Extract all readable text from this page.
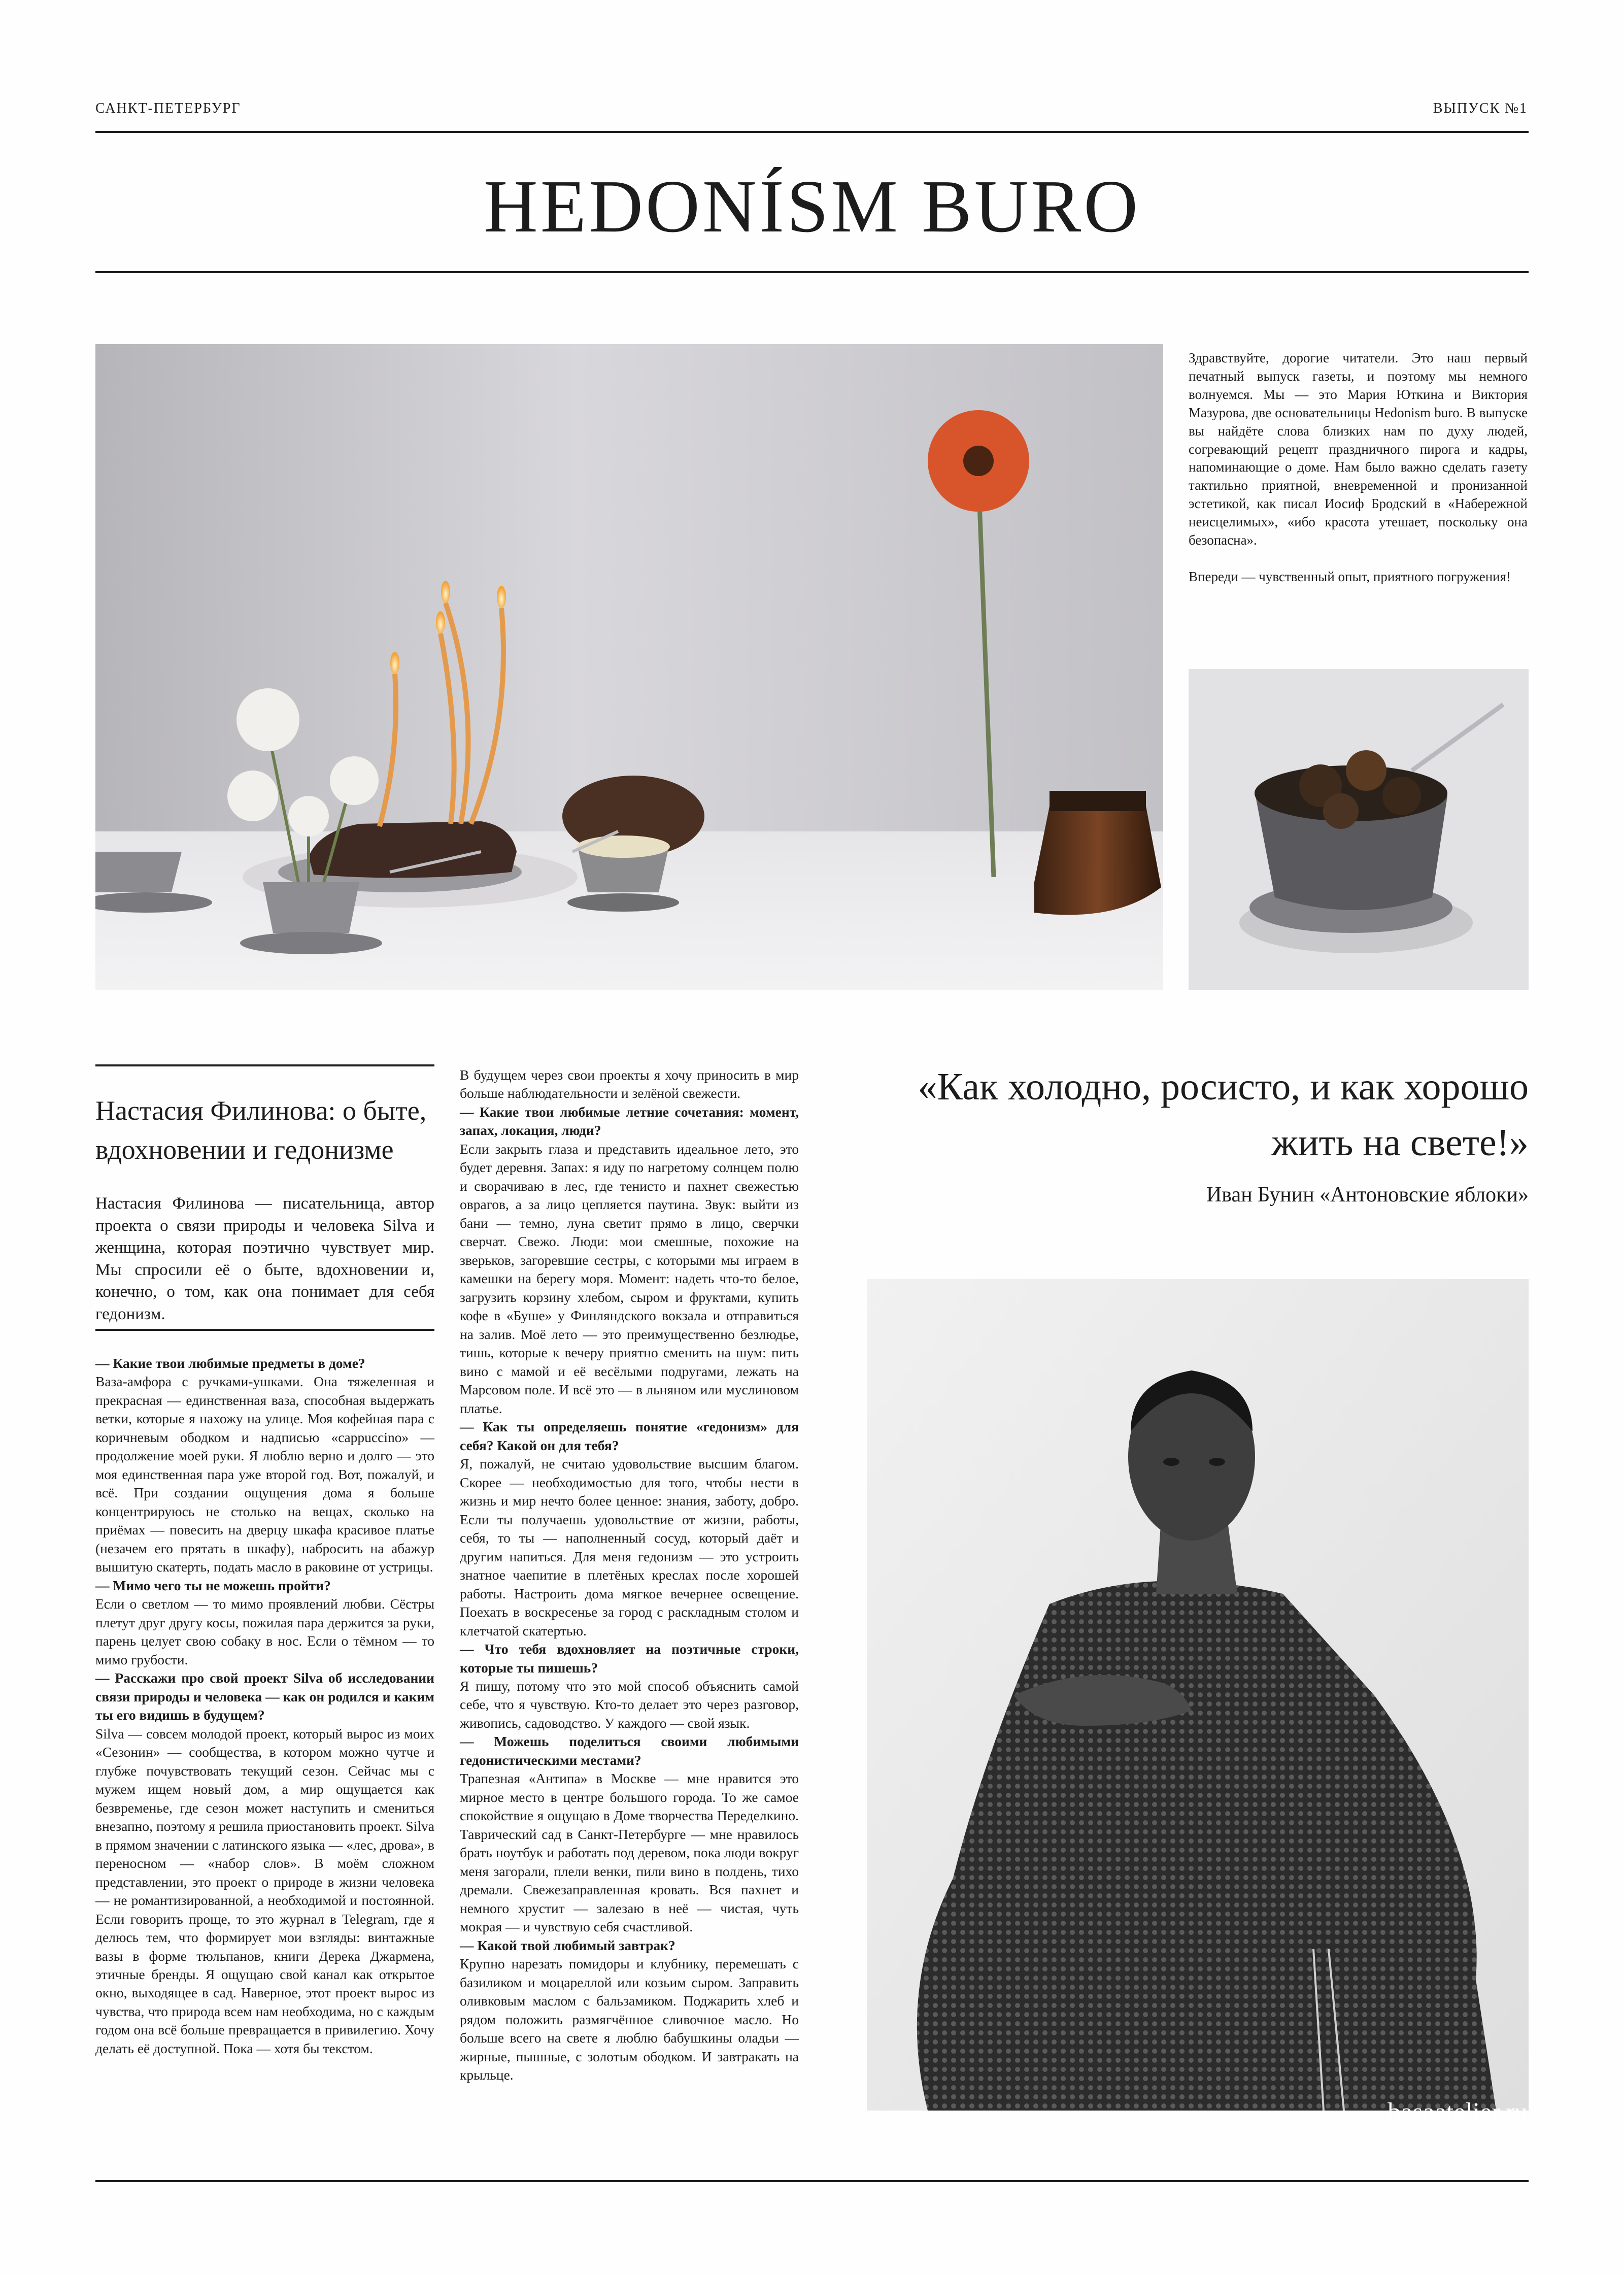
САНКТ-ПЕТЕРБУРГ	ВЫПУСК №1
HEDONÍSM BURO

Здравствуйте, дорогие читатели. Это наш первый печатный выпуск газеты, и поэтому мы немного волнуемся. Мы — это Мария Юткина и Виктория Мазурова, две основательницы Hedonism buro. В выпуске вы найдёте слова близких нам по духу людей, согревающий рецепт праздничного пирога и кадры, напоминающие о доме. Нам было важно сделать газету тактильно приятной, вневременной и пронизанной эстетикой, как писал Иосиф Бродский в «Набережной неисцелимых», «ибо красота утешает, поскольку она безопасна».

Впереди — чувственный опыт, приятного погружения!

Настасия Филинова: о быте, вдохновении и гедонизме
Настасия Филинова — писательница, автор проекта о связи природы и человека Silva и женщина, которая поэтично чувствует мир. Мы спросили её о быте, вдохновении и, конечно, о том, как она понимает для себя гедонизм.

— Какие твои любимые предметы в доме?

Ваза-амфора с ручками-ушками. Она тяжеленная и прекрасная — единственная ваза, способная выдержать ветки, которые я нахожу на улице. Моя кофейная пара с коричневым ободком и надписью «cappuccino» — продолжение моей руки. Я люблю верно и долго — это моя единственная пара уже второй год. Вот, пожалуй, и всё. При создании ощущения дома я больше концентрируюсь не столько на вещах, сколько на приёмах — повесить на дверцу шкафа красивое платье (незачем его прятать в шкафу), набросить на абажур вышитую скатерть, подать масло в раковине от устрицы.

— Мимо чего ты не можешь пройти?

Если о светлом — то мимо проявлений любви. Сёстры плетут друг другу косы, пожилая пара держится за руки, парень целует свою собаку в нос. Если о тёмном — то мимо грубости.

— Расскажи про свой проект Silva об исследовании связи природы и человека — как он родился и каким ты его видишь в будущем?

Silva — совсем молодой проект, который вырос из моих «Сезонин» — сообщества, в котором можно чутче и глубже почувствовать текущий сезон. Сейчас мы с мужем ищем новый дом, а мир ощущается как безвременье, где сезон может наступить и смениться внезапно, поэтому я решила приостановить проект. Silva в прямом значении с латинского языка — «лес, дрова», в переносном — «набор слов». В моём сложном представлении, это проект о природе в жизни человека — не романтизированной, а необходимой и постоянной. Если говорить проще, то это журнал в Telegram, где я делюсь тем, что формирует мои взгляды: винтажные вазы в форме тюльпанов, книги Дерека Джармена, этичные бренды. Я ощущаю свой канал как открытое окно, выходящее в сад. Наверное, этот проект вырос из чувства, что природа всем нам необходима, но с каждым годом она всё больше превращается в привилегию. Хочу делать её доступной. Пока — хотя бы текстом.

В будущем через свои проекты я хочу приносить в мир больше наблюдательности и зелёной свежести.

— Какие твои любимые летние сочетания: момент, запах, локация, люди?

Если закрыть глаза и представить идеальное лето, это будет деревня. Запах: я иду по нагретому солнцем полю и сворачиваю в лес, где тенисто и пахнет свежестью оврагов, а за лицо цепляется паутина. Звук: выйти из бани — темно, луна светит прямо в лицо, сверчки сверчат. Свежо. Люди: мои смешные, похожие на зверьков, загоревшие сестры, с которыми мы играем в камешки на берегу моря. Момент: надеть что-то белое, загрузить корзину хлебом, сыром и фруктами, купить кофе в «Буше» у Финляндского вокзала и отправиться на залив. Моё лето — это преимущественно безлюдье, тишь, которые к вечеру приятно сменить на шум: пить вино с мамой и её весёлыми подругами, лежать на Марсовом поле. И всё это — в льняном или муслиновом платье.

— Как ты определяешь понятие «гедонизм» для себя? Какой он для тебя?

Я, пожалуй, не считаю удовольствие высшим благом. Скорее — необходимостью для того, чтобы нести в жизнь и мир нечто более ценное: знания, заботу, добро. Если ты получаешь удовольствие от жизни, работы, себя, то ты — наполненный сосуд, который даёт и другим напиться. Для меня гедонизм — это устроить знатное чаепитие в плетёных креслах после хорошей работы. Настроить дома мягкое вечернее освещение. Поехать в воскресенье за город с раскладным столом и клетчатой скатертью.

— Что тебя вдохновляет на поэтичные строки, которые ты пишешь?

Я пишу, потому что это мой способ объяснить самой себе, что я чувствую. Кто-то делает это через разговор, живопись, садоводство. У каждого — свой язык.

— Можешь поделиться своими любимыми гедонистическими местами?

Трапезная «Антипа» в Москве — мне нравится это мирное место в центре большого города. То же самое спокойствие я ощущаю в Доме творчества Переделкино. Таврический сад в Санкт-Петербурге — мне нравилось брать ноутбук и работать под деревом, пока люди вокруг меня загорали, плели венки, пили вино в полдень, тихо дремали. Свежезаправленная кровать. Вся пахнет и немного хрустит — залезаю в неё — чистая, чуть мокрая — и чувствую себя счастливой.

— Какой твой любимый завтрак?

Крупно нарезать помидоры и клубнику, перемешать с базиликом и моцареллой или козьим сыром. Заправить оливковым маслом с бальзамиком. Поджарить хлеб и рядом положить размягчённое сливочное масло. Но больше всего на свете я люблю бабушкины оладьи — жирные, пышные, с золотым ободком. И завтракать на крыльце.

«Как холодно, росисто, и как хорошо жить на свете!»
Иван Бунин «Антоновские яблоки»
basaatelier.ru
